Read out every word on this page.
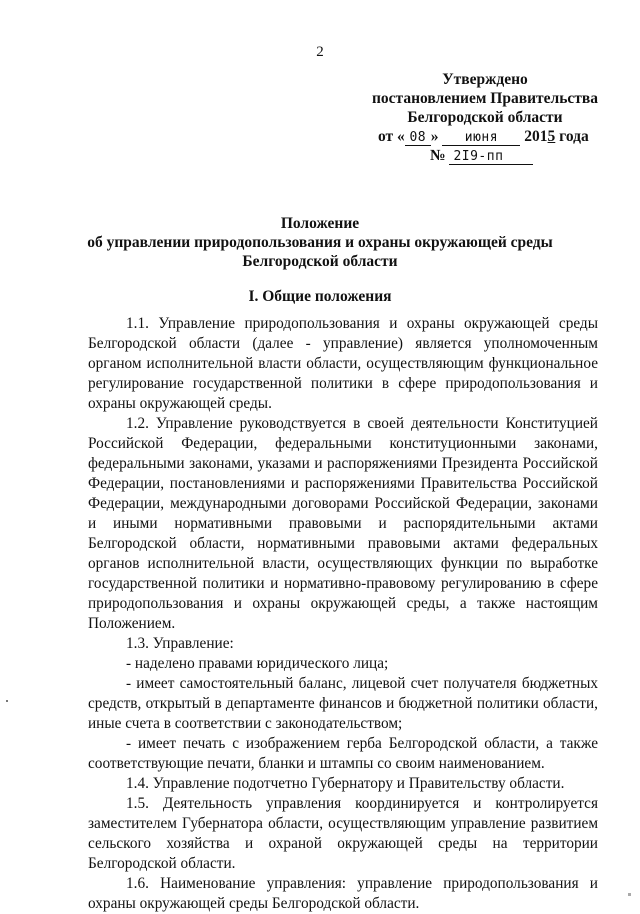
2
Утверждено
постановлением Правительства
Белгородской области
от « 08 » июня 2015 года
№ 2I9-пп
Положение
об управлении природопользования и охраны окружающей среды
Белгородской области
I. Общие положения

1.1. Управление природопользования и охраны окружающей среды Белгородской области (далее - управление) является уполномоченным органом исполнительной власти области, осуществляющим функциональное регулирование государственной политики в сфере природопользования и охраны окружающей среды.

1.2. Управление руководствуется в своей деятельности Конституцией Российской Федерации, федеральными конституционными законами, федеральными законами, указами и распоряжениями Президента Российской Федерации, постановлениями и распоряжениями Правительства Российской Федерации, международными договорами Российской Федерации, законами и иными нормативными правовыми и распорядительными актами Белгородской области, нормативными правовыми актами федеральных органов исполнительной власти, осуществляющих функции по выработке государственной политики и нормативно-правовому регулированию в сфере природопользования и охраны окружающей среды, а также настоящим Положением.

1.3. Управление:

- наделено правами юридического лица;

- имеет самостоятельный баланс, лицевой счет получателя бюджетных средств, открытый в департаменте финансов и бюджетной политики области, иные счета в соответствии с законодательством;

- имеет печать с изображением герба Белгородской области, а также соответствующие печати, бланки и штампы со своим наименованием.

1.4. Управление подотчетно Губернатору и Правительству области.

1.5. Деятельность управления координируется и контролируется заместителем Губернатора области, осуществляющим управление развитием сельского хозяйства и охраной окружающей среды на территории Белгородской области.

1.6. Наименование управления: управление природопользования и охраны окружающей среды Белгородской области.
